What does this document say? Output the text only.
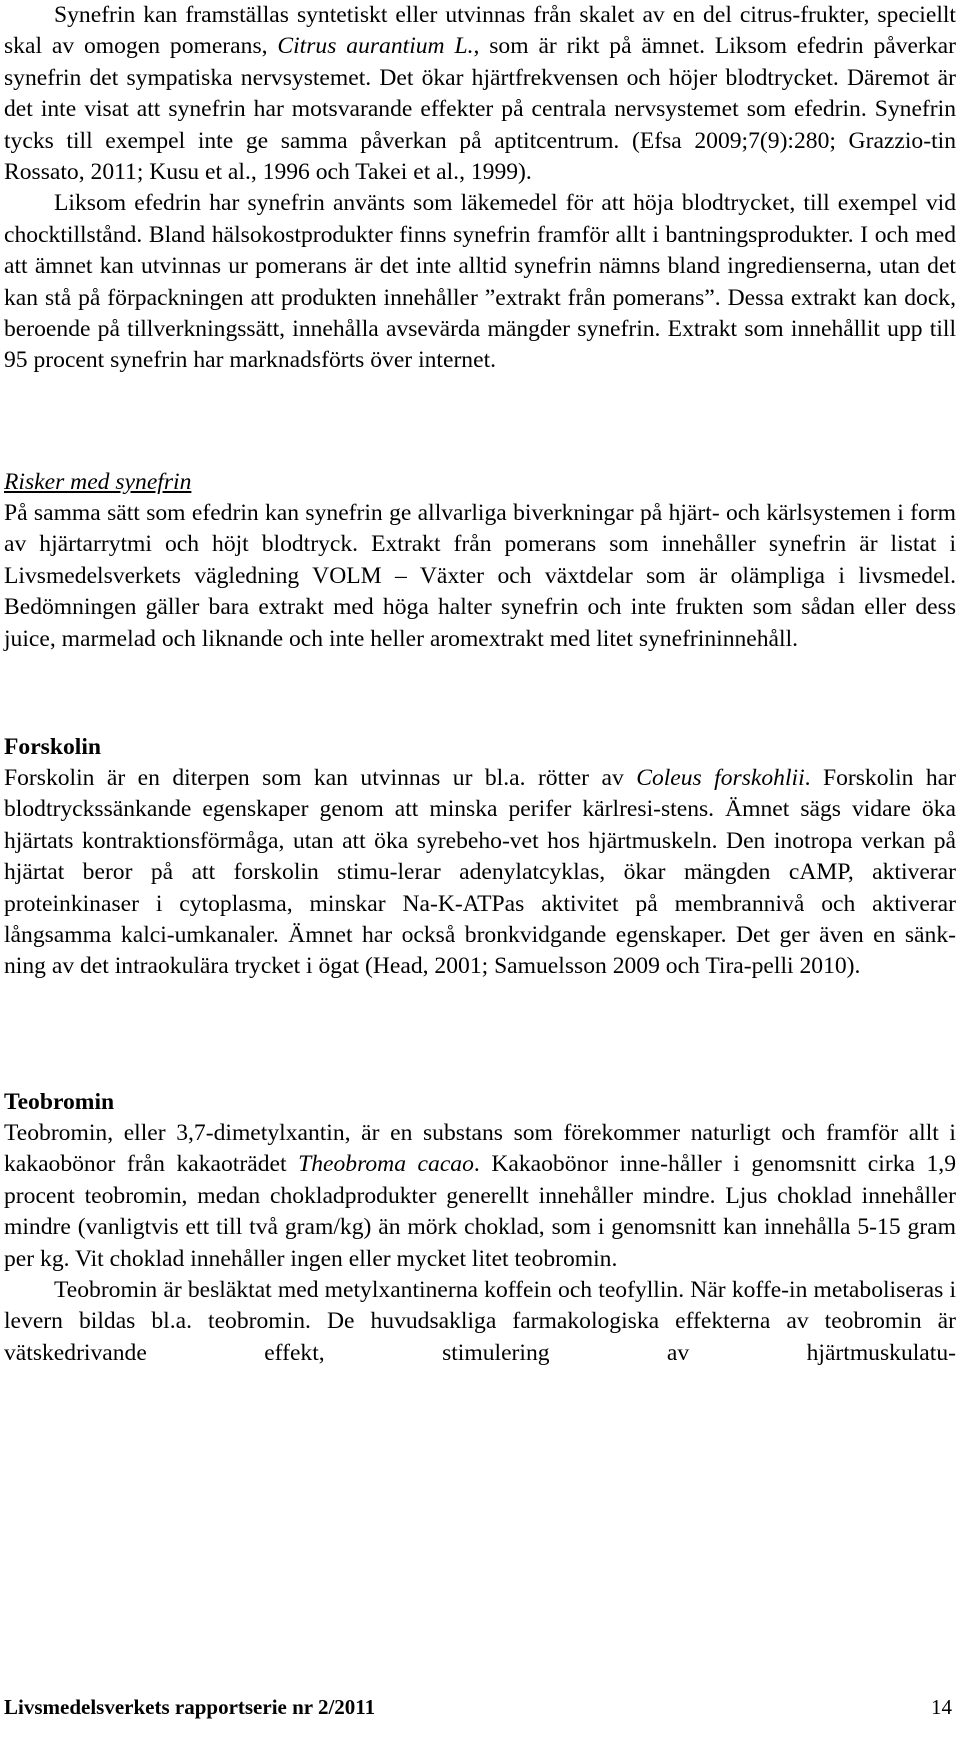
Synefrin kan framställas syntetiskt eller utvinnas från skalet av en del citrus-frukter, speciellt skal av omogen pomerans, Citrus aurantium L., som är rikt på ämnet. Liksom efedrin påverkar synefrin det sympatiska nervsystemet. Det ökar hjärtfrekvensen och höjer blodtrycket. Däremot är det inte visat att synefrin har motsvarande effekter på centrala nervsystemet som efedrin. Synefrin tycks till exempel inte ge samma påverkan på aptitcentrum. (Efsa 2009;7(9):280; Grazzio-tin Rossato, 2011; Kusu et al., 1996 och Takei et al., 1999).

Liksom efedrin har synefrin använts som läkemedel för att höja blodtrycket, till exempel vid chocktillstånd. Bland hälsokostprodukter finns synefrin framför allt i bantningsprodukter. I och med att ämnet kan utvinnas ur pomerans är det inte alltid synefrin nämns bland ingredienserna, utan det kan stå på förpackningen att produkten innehåller ”extrakt från pomerans”. Dessa extrakt kan dock, beroende på tillverkningssätt, innehålla avsevärda mängder synefrin. Extrakt som innehållit upp till 95 procent synefrin har marknadsförts över internet.

Risker med synefrin

På samma sätt som efedrin kan synefrin ge allvarliga biverkningar på hjärt- och kärlsystemen i form av hjärtarrytmi och höjt blodtryck. Extrakt från pomerans som innehåller synefrin är listat i Livsmedelsverkets vägledning VOLM – Växter och växtdelar som är olämpliga i livsmedel. Bedömningen gäller bara extrakt med höga halter synefrin och inte frukten som sådan eller dess juice, marmelad och liknande och inte heller aromextrakt med litet synefrininnehåll.

Forskolin

Forskolin är en diterpen som kan utvinnas ur bl.a. rötter av Coleus forskohlii. Forskolin har blodtryckssänkande egenskaper genom att minska perifer kärlresi-stens. Ämnet sägs vidare öka hjärtats kontraktionsförmåga, utan att öka syrebeho-vet hos hjärtmuskeln. Den inotropa verkan på hjärtat beror på att forskolin stimu-lerar adenylatcyklas, ökar mängden cAMP, aktiverar proteinkinaser i cytoplasma, minskar Na-K-ATPas aktivitet på membrannivå och aktiverar långsamma kalci-umkanaler. Ämnet har också bronkvidgande egenskaper. Det ger även en sänk-ning av det intraokulära trycket i ögat (Head, 2001; Samuelsson 2009 och Tira-pelli 2010).

Teobromin

Teobromin, eller 3,7-dimetylxantin, är en substans som förekommer naturligt och framför allt i kakaobönor från kakaoträdet Theobroma cacao. Kakaobönor inne-håller i genomsnitt cirka 1,9 procent teobromin, medan chokladprodukter generellt innehåller mindre. Ljus choklad innehåller mindre (vanligtvis ett till två gram/kg) än mörk choklad, som i genomsnitt kan innehålla 5-15 gram per kg. Vit choklad innehåller ingen eller mycket litet teobromin.

Teobromin är besläktat med metylxantinerna koffein och teofyllin. När koffe-in metaboliseras i levern bildas bl.a. teobromin. De huvudsakliga farmakologiska effekterna av teobromin är vätskedrivande effekt, stimulering av hjärtmuskulatu-

Livsmedelsverkets rapportserie nr 2/2011	14
